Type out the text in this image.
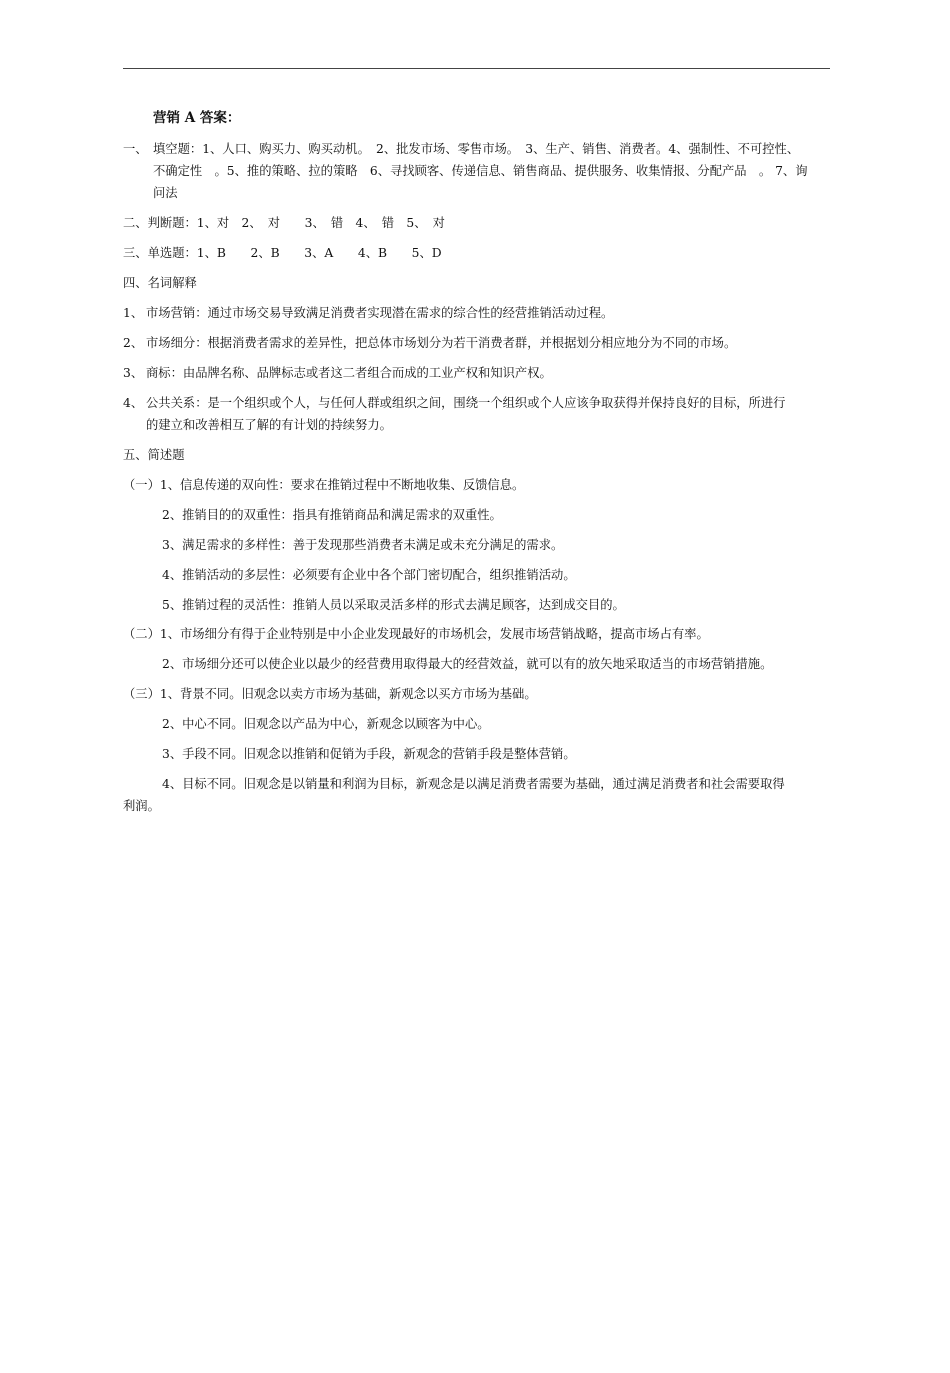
营销 A 答案：
一、 填空题：1、人口、购买力、购买动机。　2、批发市场、零售市场。　3、生产、销售、消费者。4、强制性、不可控性、
不确定性　。5、推的策略、拉的策略　6、寻找顾客、传递信息、销售商品、提供服务、收集情报、分配产品　。 7、询
问法
二、判断题：1、对　2、　对　　3、　错　4、　错　5、　对
三、单选题：1、B　　2、B　　3、A　　4、B　　5、D
四、名词解释
1、 市场营销：通过市场交易导致满足消费者实现潜在需求的综合性的经营推销活动过程。
2、 市场细分：根据消费者需求的差异性，把总体市场划分为若干消费者群，并根据划分相应地分为不同的市场。
3、 商标：由品牌名称、品牌标志或者这二者组合而成的工业产权和知识产权。
4、 公共关系：是一个组织或个人，与任何人群或组织之间，围绕一个组织或个人应该争取获得并保持良好的目标，所进行
的建立和改善相互了解的有计划的持续努力。
五、简述题
（一）1、信息传递的双向性：要求在推销过程中不断地收集、反馈信息。
2、推销目的的双重性：指具有推销商品和满足需求的双重性。
3、满足需求的多样性：善于发现那些消费者未满足或未充分满足的需求。
4、推销活动的多层性：必须要有企业中各个部门密切配合，组织推销活动。
5、推销过程的灵活性：推销人员以采取灵活多样的形式去满足顾客，达到成交目的。
（二）1、市场细分有得于企业特别是中小企业发现最好的市场机会，发展市场营销战略，提高市场占有率。
2、市场细分还可以使企业以最少的经营费用取得最大的经营效益，就可以有的放矢地采取适当的市场营销措施。
（三）1、背景不同。旧观念以卖方市场为基础，新观念以买方市场为基础。
2、中心不同。旧观念以产品为中心，新观念以顾客为中心。
3、手段不同。旧观念以推销和促销为手段，新观念的营销手段是整体营销。
4、目标不同。旧观念是以销量和利润为目标，新观念是以满足消费者需要为基础，通过满足消费者和社会需要取得
利润。
